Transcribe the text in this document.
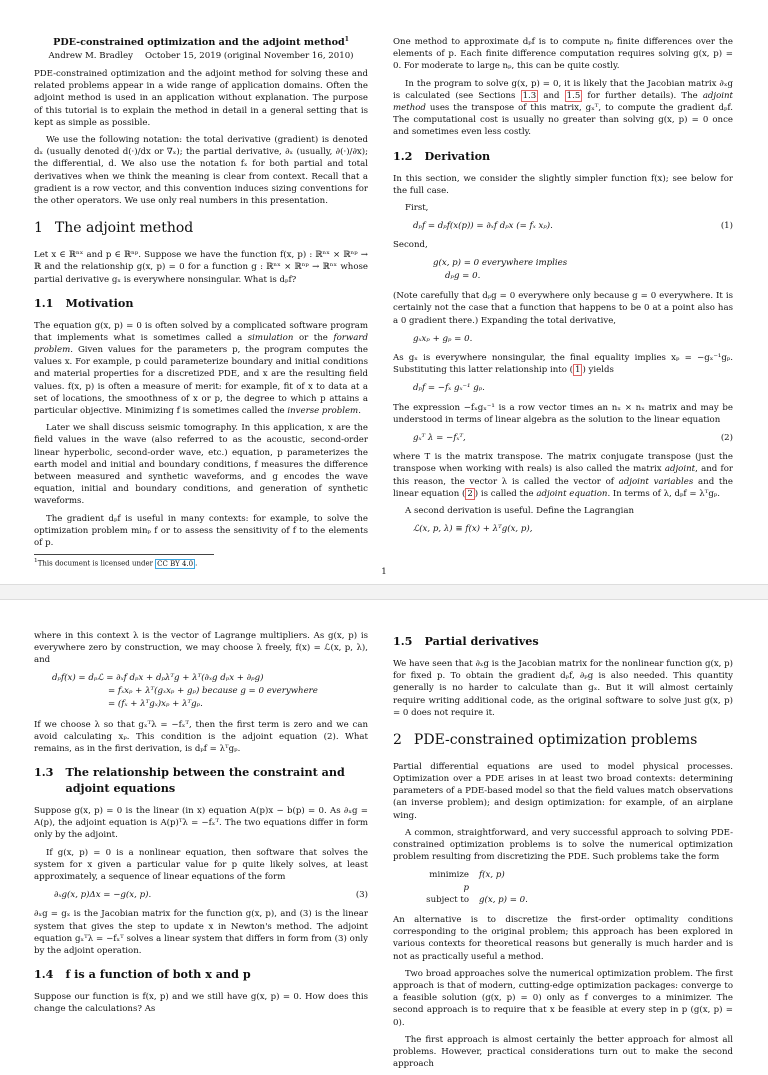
PDE-constrained optimization and the adjoint method$^1$
Andrew M. Bradley October 15, 2019 (original November 16, 2010)

PDE-constrained optimization and the adjoint method for solving these and related problems appear in a wide range of application domains. Often the adjoint method is used in an application without explanation. The purpose of this tutorial is to explain the method in detail in a general setting that is kept as simple as possible.

We use the following notation: the total derivative (gradient) is denoted dₓ (usually denoted d(·)/dx or ∇ₓ); the partial derivative, ∂ₓ (usually, ∂(·)/∂x); the differential, d. We also use the notation fₓ for both partial and total derivatives when we think the meaning is clear from context. Recall that a gradient is a row vector, and this convention induces sizing conventions for the other operators. We use only real numbers in this presentation.

1 The adjoint method

Let x ∈ ℝⁿˣ and p ∈ ℝⁿᵖ. Suppose we have the function f(x, p) : ℝⁿˣ × ℝⁿᵖ → ℝ and the relationship g(x, p) = 0 for a function g : ℝⁿˣ × ℝⁿᵖ → ℝⁿˣ whose partial derivative gₓ is everywhere nonsingular. What is dₚf?

1.1 Motivation

The equation g(x, p) = 0 is often solved by a complicated software program that implements what is sometimes called a simulation or the forward problem. Given values for the parameters p, the program computes the values x. For example, p could parameterize boundary and initial conditions and material properties for a discretized PDE, and x are the resulting field values. f(x, p) is often a measure of merit: for example, fit of x to data at a set of locations, the smoothness of x or p, the degree to which p attains a particular objective. Minimizing f is sometimes called the inverse problem.

Later we shall discuss seismic tomography. In this application, x are the field values in the wave (also referred to as the acoustic, second-order linear hyperbolic, second-order wave, etc.) equation, p parameterizes the earth model and initial and boundary conditions, f measures the difference between measured and synthetic waveforms, and g encodes the wave equation, initial and boundary conditions, and generation of synthetic waveforms.

The gradient dₚf is useful in many contexts: for example, to solve the optimization problem minₚ f or to assess the sensitivity of f to the elements of p.

$^1$This document is licensed under CC BY 4.0 .

One method to approximate dₚf is to compute nₚ finite differences over the elements of p. Each finite difference computation requires solving g(x, p) = 0. For moderate to large nₚ, this can be quite costly.

In the program to solve g(x, p) = 0, it is likely that the Jacobian matrix ∂ₓg is calculated (see Sections 1.3 and 1.5 for further details). The adjoint method uses the transpose of this matrix, gₓᵀ, to compute the gradient dₚf. The computational cost is usually no greater than solving g(x, p) = 0 once and sometimes even less costly.

1.2 Derivation

In this section, we consider the slightly simpler function f(x); see below for the full case.

First,

dₚf = dₚf(x(p)) = ∂ₓf dₚx (= fₓ xₚ).	(1)

Second,

g(x, p) = 0 everywhere implies
dₚg = 0.

(Note carefully that dₚg = 0 everywhere only because g = 0 everywhere. It is certainly not the case that a function that happens to be 0 at a point also has a 0 gradient there.) Expanding the total derivative,

gₓxₚ + gₚ = 0.

As gₓ is everywhere nonsingular, the final equality implies xₚ = −gₓ⁻¹gₚ. Substituting this latter relationship into ( 1 ) yields

dₚf = −fₓ gₓ⁻¹ gₚ.

The expression −fₓgₓ⁻¹ is a row vector times an nₓ × nₓ matrix and may be understood in terms of linear algebra as the solution to the linear equation

gₓᵀ λ = −fₓᵀ,	(2)

where T is the matrix transpose. The matrix conjugate transpose (just the transpose when working with reals) is also called the matrix adjoint, and for this reason, the vector λ is called the vector of adjoint variables and the linear equation ( 2 ) is called the adjoint equation. In terms of λ, dₚf = λᵀgₚ.

A second derivation is useful. Define the Lagrangian

ℒ(x, p, λ) ≡ f(x) + λᵀg(x, p),
1

where in this context λ is the vector of Lagrange multipliers. As g(x, p) is everywhere zero by construction, we may choose λ freely, f(x) = ℒ(x, p, λ), and

dₚf(x) = dₚℒ = ∂ₓf dₚx + dₚλᵀg + λᵀ(∂ₓg dₚx + ∂ₚg)
= fₓxₚ + λᵀ(gₓxₚ + gₚ) because g = 0 everywhere
= (fₓ + λᵀgₓ)xₚ + λᵀgₚ.

If we choose λ so that gₓᵀλ = −fₓᵀ, then the first term is zero and we can avoid calculating xₚ. This condition is the adjoint equation (2). What remains, as in the first derivation, is dₚf = λᵀgₚ.

1.3 The relationship between the constraint and adjoint equations

Suppose g(x, p) = 0 is the linear (in x) equation A(p)x − b(p) = 0. As ∂ₓg = A(p), the adjoint equation is A(p)ᵀλ = −fₓᵀ. The two equations differ in form only by the adjoint.

If g(x, p) = 0 is a nonlinear equation, then software that solves the system for x given a particular value for p quite likely solves, at least approximately, a sequence of linear equations of the form

∂ₓg(x, p)Δx = −g(x, p).	(3)

∂ₓg = gₓ is the Jacobian matrix for the function g(x, p), and (3) is the linear system that gives the step to update x in Newton's method. The adjoint equation gₓᵀλ = −fₓᵀ solves a linear system that differs in form from (3) only by the adjoint operation.

1.4 f is a function of both x and p

Suppose our function is f(x, p) and we still have g(x, p) = 0. How does this change the calculations? As

1.5 Partial derivatives

We have seen that ∂ₓg is the Jacobian matrix for the nonlinear function g(x, p) for fixed p. To obtain the gradient dₚf, ∂ₚg is also needed. This quantity generally is no harder to calculate than gₓ. But it will almost certainly require writing additional code, as the original software to solve just g(x, p) = 0 does not require it.

2 PDE-constrained optimization problems

Partial differential equations are used to model physical processes. Optimization over a PDE arises in at least two broad contexts: determining parameters of a PDE-based model so that the field values match observations (an inverse problem); and design optimization: for example, of an airplane wing.

A common, straightforward, and very successful approach to solving PDE-constrained optimization problems is to solve the numerical optimization problem resulting from discretizing the PDE. Such problems take the form

minimize f(x, p)
p
subject to g(x, p) = 0.

An alternative is to discretize the first-order optimality conditions corresponding to the original problem; this approach has been explored in various contexts for theoretical reasons but generally is much harder and is not as practically useful a method.

Two broad approaches solve the numerical optimization problem. The first approach is that of modern, cutting-edge optimization packages: converge to a feasible solution (g(x, p) = 0) only as f converges to a minimizer. The second approach is to require that x be feasible at every step in p (g(x, p) = 0).

The first approach is almost certainly the better approach for almost all problems. However, practical considerations turn out to make the second approach
